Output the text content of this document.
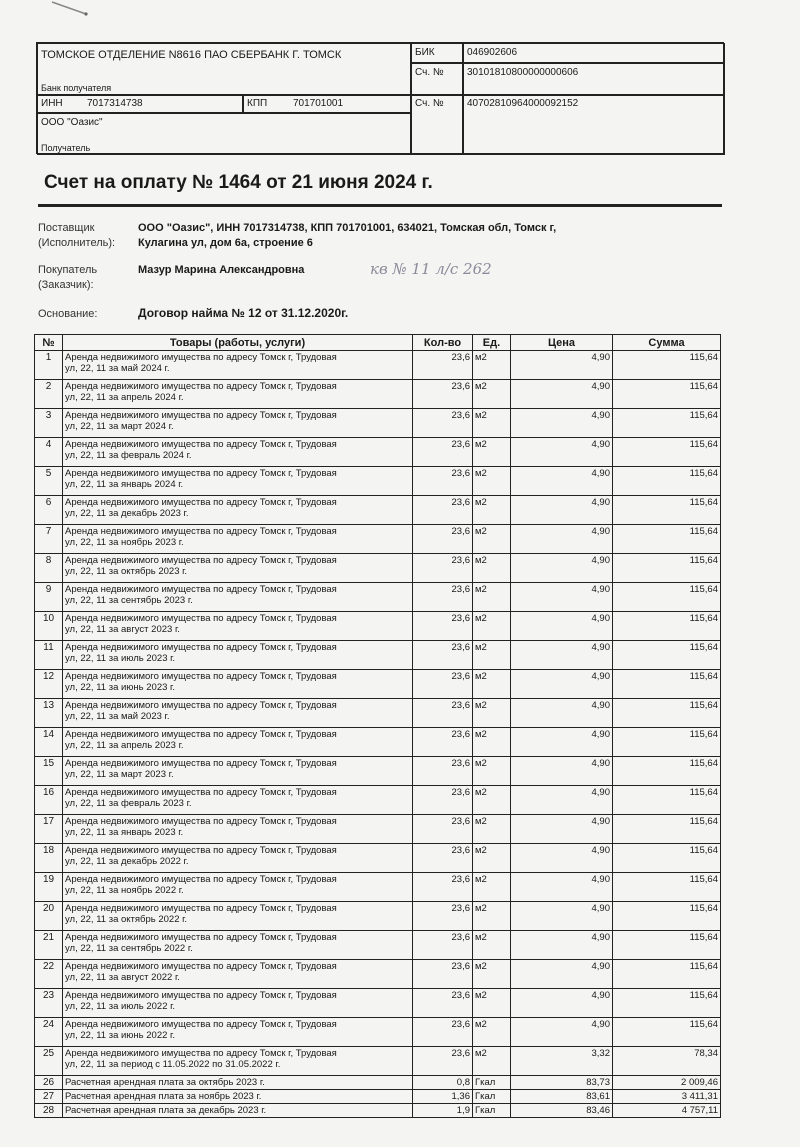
ТОМСКОЕ ОТДЕЛЕНИЕ N8616 ПАО СБЕРБАНК Г. ТОМСК
Банк получателя
БИК	046902606
Сч. № 30101810800000000606
ИНН 7017314738	КПП	701701001	Сч. № 40702810964000092152
ООО "Оазис"
Получатель
Счет на оплату № 1464 от 21 июня 2024 г.
Поставщик
(Исполнитель):
ООО "Оазис", ИНН 7017314738, КПП 701701001, 634021, Томская обл, Томск г,
Кулагина ул, дом 6а, строение 6
Покупатель
(Заказчик):
Мазур Марина Александровна	кв № 11 л/с 262
Основание:	Договор найма № 12 от 31.12.2020г.
№	Товары (работы, услуги)	Кол-во	Ед.	Цена	Сумма
1	Аренда недвижимого имущества по адресу Томск г, Трудовая
ул, 22, 11 за май 2024 г.	23,6	м2	4,90	115,64
2	Аренда недвижимого имущества по адресу Томск г, Трудовая
ул, 22, 11 за апрель 2024 г.	23,6	м2	4,90	115,64
3	Аренда недвижимого имущества по адресу Томск г, Трудовая
ул, 22, 11 за март 2024 г.	23,6	м2	4,90	115,64
4	Аренда недвижимого имущества по адресу Томск г, Трудовая
ул, 22, 11 за февраль 2024 г.	23,6	м2	4,90	115,64
5	Аренда недвижимого имущества по адресу Томск г, Трудовая
ул, 22, 11 за январь 2024 г.	23,6	м2	4,90	115,64
6	Аренда недвижимого имущества по адресу Томск г, Трудовая
ул, 22, 11 за декабрь 2023 г.	23,6	м2	4,90	115,64
7	Аренда недвижимого имущества по адресу Томск г, Трудовая
ул, 22, 11 за ноябрь 2023 г.	23,6	м2	4,90	115,64
8	Аренда недвижимого имущества по адресу Томск г, Трудовая
ул, 22, 11 за октябрь 2023 г.	23,6	м2	4,90	115,64
9	Аренда недвижимого имущества по адресу Томск г, Трудовая
ул, 22, 11 за сентябрь 2023 г.	23,6	м2	4,90	115,64
10	Аренда недвижимого имущества по адресу Томск г, Трудовая
ул, 22, 11 за август 2023 г.	23,6	м2	4,90	115,64
11	Аренда недвижимого имущества по адресу Томск г, Трудовая
ул, 22, 11 за июль 2023 г.	23,6	м2	4,90	115,64
12	Аренда недвижимого имущества по адресу Томск г, Трудовая
ул, 22, 11 за июнь 2023 г.	23,6	м2	4,90	115,64
13	Аренда недвижимого имущества по адресу Томск г, Трудовая
ул, 22, 11 за май 2023 г.	23,6	м2	4,90	115,64
14	Аренда недвижимого имущества по адресу Томск г, Трудовая
ул, 22, 11 за апрель 2023 г.	23,6	м2	4,90	115,64
15	Аренда недвижимого имущества по адресу Томск г, Трудовая
ул, 22, 11 за март 2023 г.	23,6	м2	4,90	115,64
16	Аренда недвижимого имущества по адресу Томск г, Трудовая
ул, 22, 11 за февраль 2023 г.	23,6	м2	4,90	115,64
17	Аренда недвижимого имущества по адресу Томск г, Трудовая
ул, 22, 11 за январь 2023 г.	23,6	м2	4,90	115,64
18	Аренда недвижимого имущества по адресу Томск г, Трудовая
ул, 22, 11 за декабрь 2022 г.	23,6	м2	4,90	115,64
19	Аренда недвижимого имущества по адресу Томск г, Трудовая
ул, 22, 11 за ноябрь 2022 г.	23,6	м2	4,90	115,64
20	Аренда недвижимого имущества по адресу Томск г, Трудовая
ул, 22, 11 за октябрь 2022 г.	23,6	м2	4,90	115,64
21	Аренда недвижимого имущества по адресу Томск г, Трудовая
ул, 22, 11 за сентябрь 2022 г.	23,6	м2	4,90	115,64
22	Аренда недвижимого имущества по адресу Томск г, Трудовая
ул, 22, 11 за август 2022 г.	23,6	м2	4,90	115,64
23	Аренда недвижимого имущества по адресу Томск г, Трудовая
ул, 22, 11 за июль 2022 г.	23,6	м2	4,90	115,64
24	Аренда недвижимого имущества по адресу Томск г, Трудовая
ул, 22, 11 за июнь 2022 г.	23,6	м2	4,90	115,64
25	Аренда недвижимого имущества по адресу Томск г, Трудовая
ул, 22, 11 за период с 11.05.2022 по 31.05.2022 г.	23,6	м2	3,32	78,34
26	Расчетная арендная плата за октябрь 2023 г.	0,8	Гкал	83,73	2 009,46
27	Расчетная арендная плата за ноябрь 2023 г.	1,36	Гкал	83,61	3 411,31
28	Расчетная арендная плата за декабрь 2023 г.	1,9	Гкал	83,46	4 757,11
